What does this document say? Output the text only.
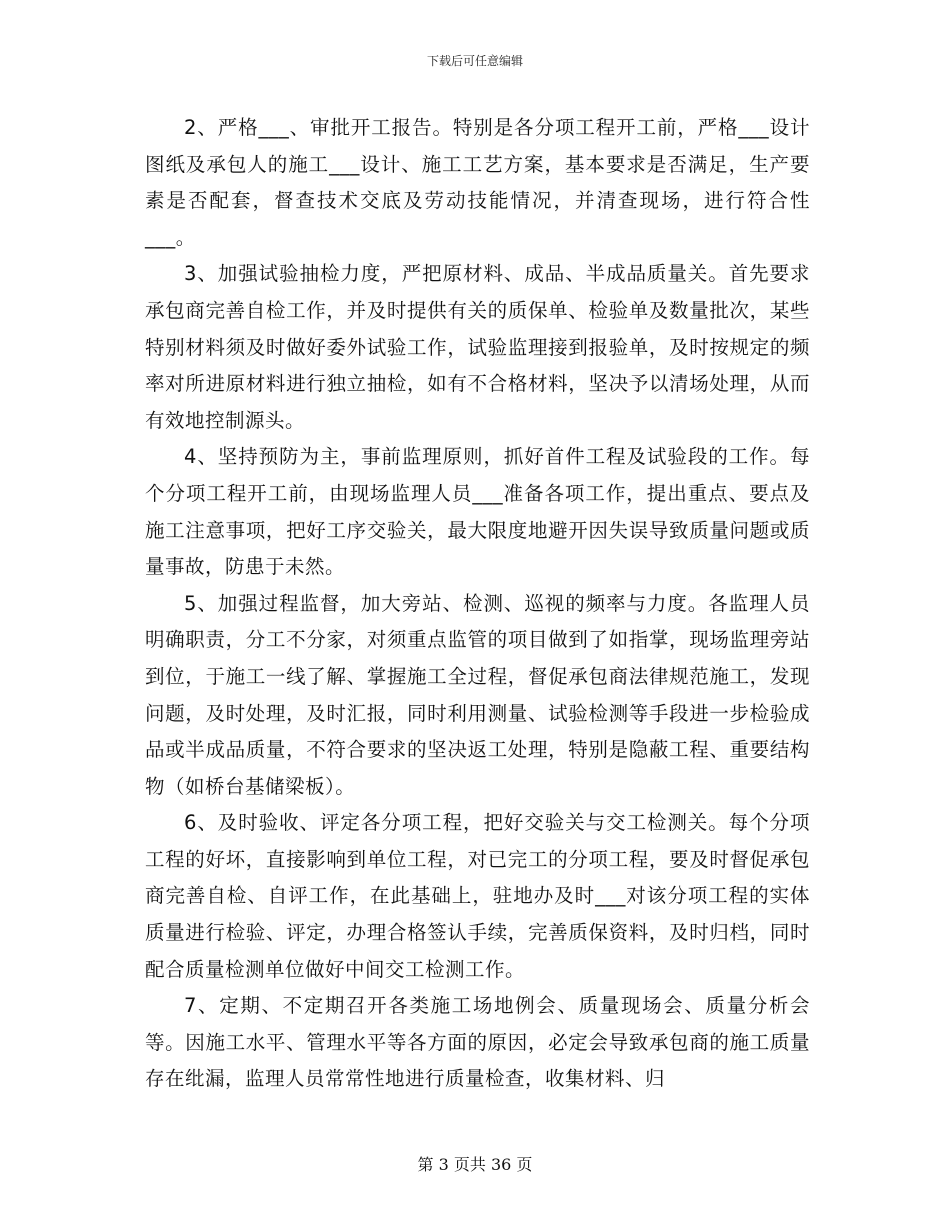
下载后可任意编辑

2、严格___、审批开工报告。特别是各分项工程开工前，严格___设计图纸及承包人的施工___设计、施工工艺方案，基本要求是否满足，生产要素是否配套，督查技术交底及劳动技能情况，并清查现场，进行符合性___。

3、加强试验抽检力度，严把原材料、成品、半成品质量关。首先要求承包商完善自检工作，并及时提供有关的质保单、检验单及数量批次，某些特别材料须及时做好委外试验工作，试验监理接到报验单，及时按规定的频率对所进原材料进行独立抽检，如有不合格材料，坚决予以清场处理，从而有效地控制源头。

4、坚持预防为主，事前监理原则，抓好首件工程及试验段的工作。每个分项工程开工前，由现场监理人员___准备各项工作，提出重点、要点及施工注意事项，把好工序交验关，最大限度地避开因失误导致质量问题或质量事故，防患于未然。

5、加强过程监督，加大旁站、检测、巡视的频率与力度。各监理人员明确职责，分工不分家，对须重点监管的项目做到了如指掌，现场监理旁站到位，于施工一线了解、掌握施工全过程，督促承包商法律规范施工，发现问题，及时处理，及时汇报，同时利用测量、试验检测等手段进一步检验成品或半成品质量，不符合要求的坚决返工处理，特别是隐蔽工程、重要结构物（如桥台基储梁板）。

6、及时验收、评定各分项工程，把好交验关与交工检测关。每个分项工程的好坏，直接影响到单位工程，对已完工的分项工程，要及时督促承包商完善自检、自评工作，在此基础上，驻地办及时___对该分项工程的实体质量进行检验、评定，办理合格签认手续，完善质保资料，及时归档，同时配合质量检测单位做好中间交工检测工作。

7、定期、不定期召开各类施工场地例会、质量现场会、质量分析会等。因施工水平、管理水平等各方面的原因，必定会导致承包商的施工质量存在纰漏，监理人员常常性地进行质量检查，收集材料、归

第 3 页共 36 页
